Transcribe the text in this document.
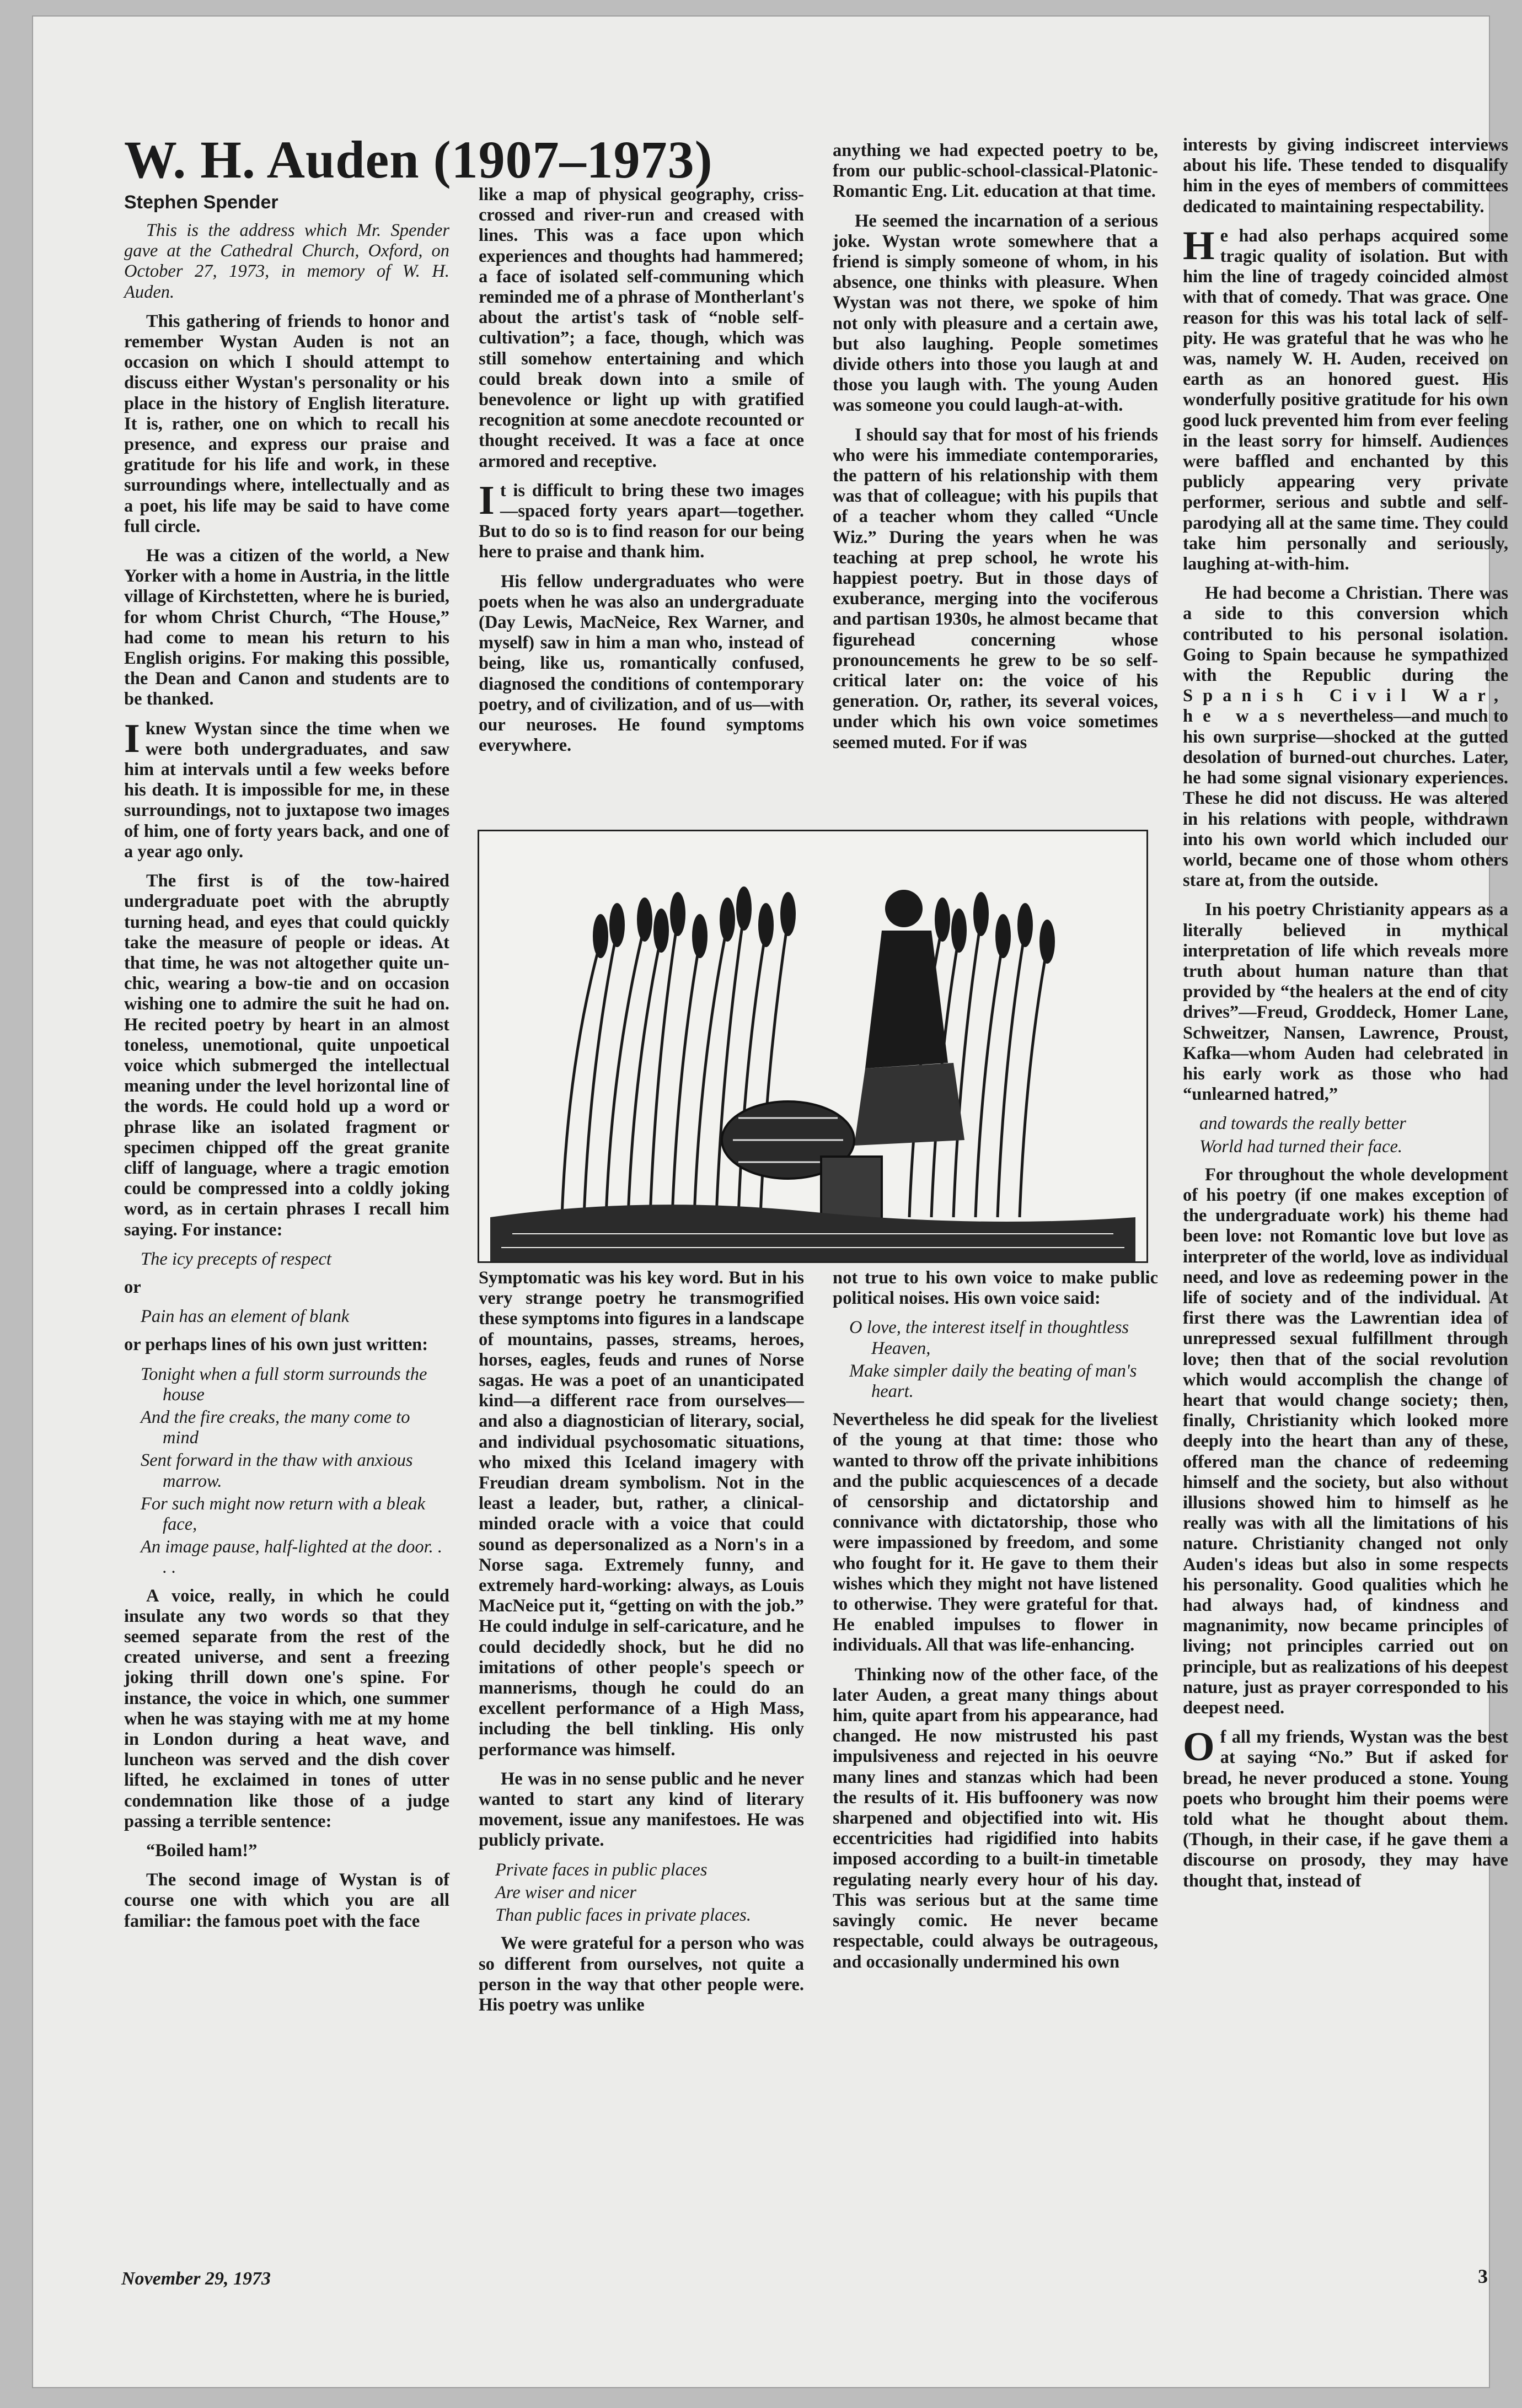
W. H. Auden (1907–1973)
Stephen Spender

This is the address which Mr. Spender gave at the Cathedral Church, Oxford, on October 27, 1973, in memory of W. H. Auden.

This gathering of friends to honor and remember Wystan Auden is not an occasion on which I should attempt to discuss either Wystan's personality or his place in the history of English literature. It is, rather, one on which to recall his presence, and express our praise and gratitude for his life and work, in these surroundings where, intellectually and as a poet, his life may be said to have come full circle.

He was a citizen of the world, a New Yorker with a home in Austria, in the little village of Kirchstetten, where he is buried, for whom Christ Church, “The House,” had come to mean his return to his English origins. For making this possible, the Dean and Canon and students are to be thanked.

Iknew Wystan since the time when we were both undergraduates, and saw him at intervals until a few weeks before his death. It is impossible for me, in these surroundings, not to juxtapose two images of him, one of forty years back, and one of a year ago only.

The first is of the tow-haired undergraduate poet with the abruptly turning head, and eyes that could quickly take the measure of people or ideas. At that time, he was not altogether quite un-chic, wearing a bow-tie and on occasion wishing one to admire the suit he had on. He recited poetry by heart in an almost toneless, unemotional, quite unpoetical voice which submerged the intellectual meaning under the level horizontal line of the words. He could hold up a word or phrase like an isolated fragment or specimen chipped off the great granite cliff of language, where a tragic emotion could be compressed into a coldly joking word, as in certain phrases I recall him saying. For instance:

The icy precepts of respect

or

Pain has an element of blank

or perhaps lines of his own just written:

Tonight when a full storm surrounds the house
And the fire creaks, the many come to mind
Sent forward in the thaw with anxious marrow.
For such might now return with a bleak face,
An image pause, half-lighted at the door. . . .

A voice, really, in which he could insulate any two words so that they seemed separate from the rest of the created universe, and sent a freezing joking thrill down one's spine. For instance, the voice in which, one summer when he was staying with me at my home in London during a heat wave, and luncheon was served and the dish cover lifted, he exclaimed in tones of utter condemnation like those of a judge passing a terrible sentence:

“Boiled ham!”

The second image of Wystan is of course one with which you are all familiar: the famous poet with the face

like a map of physical geography, criss-crossed and river-run and creased with lines. This was a face upon which experiences and thoughts had hammered; a face of isolated self-communing which reminded me of a phrase of Montherlant's about the artist's task of “noble self-cultivation”; a face, though, which was still somehow entertaining and which could break down into a smile of benevolence or light up with gratified recognition at some anecdote recounted or thought received. It was a face at once armored and receptive.

It is difficult to bring these two images—spaced forty years apart—together. But to do so is to find reason for our being here to praise and thank him.

His fellow undergraduates who were poets when he was also an undergraduate (Day Lewis, MacNeice, Rex Warner, and myself) saw in him a man who, instead of being, like us, romantically confused, diagnosed the conditions of contemporary poetry, and of civilization, and of us—with our neuroses. He found symptoms everywhere.

anything we had expected poetry to be, from our public-school-classical-Platonic-Romantic Eng. Lit. education at that time.

He seemed the incarnation of a serious joke. Wystan wrote somewhere that a friend is simply someone of whom, in his absence, one thinks with pleasure. When Wystan was not there, we spoke of him not only with pleasure and a certain awe, but also laughing. People sometimes divide others into those you laugh at and those you laugh with. The young Auden was someone you could laugh-at-with.

I should say that for most of his friends who were his immediate contemporaries, the pattern of his relationship with them was that of colleague; with his pupils that of a teacher whom they called “Uncle Wiz.” During the years when he was teaching at prep school, he wrote his happiest poetry. But in those days of exuberance, merging into the vociferous and partisan 1930s, he almost became that figurehead concerning whose pronouncements he grew to be so self-critical later on: the voice of his generation. Or, rather, its several voices, under which his own voice sometimes seemed muted. For if was

interests by giving indiscreet interviews about his life. These tended to disqualify him in the eyes of members of committees dedicated to maintaining respectability.

He had also perhaps acquired some tragic quality of isolation. But with him the line of tragedy coincided almost with that of comedy. That was grace. One reason for this was his total lack of self-pity. He was grateful that he was who he was, namely W. H. Auden, received on earth as an honored guest. His wonderfully positive gratitude for his own good luck prevented him from ever feeling in the least sorry for himself. Audiences were baffled and enchanted by this publicly appearing very private performer, serious and subtle and self-parodying all at the same time. They could take him personally and seriously, laughing at-with-him.

He had become a Christian. There was a side to this conversion which contributed to his personal isolation. Going to Spain because he sympathized with the Republic during the Spanish Civil War, he was nevertheless—and much to his own surprise—shocked at the gutted desolation of burned-out churches. Later, he had some signal visionary experiences. These he did not discuss. He was altered in his relations with people, withdrawn into his own world which included our world, became one of those whom others stare at, from the outside.

In his poetry Christianity appears as a literally believed in mythical interpretation of life which reveals more truth about human nature than that provided by “the healers at the end of city drives”—Freud, Groddeck, Homer Lane, Schweitzer, Nansen, Lawrence, Proust, Kafka—whom Auden had celebrated in his early work as those who had “unlearned hatred,”

and towards the really better
World had turned their face.

For throughout the whole development of his poetry (if one makes exception of the undergraduate work) his theme had been love: not Romantic love but love as interpreter of the world, love as individual need, and love as redeeming power in the life of society and of the individual. At first there was the Lawrentian idea of unrepressed sexual fulfillment through love; then that of the social revolution which would accomplish the change of heart that would change society; then, finally, Christianity which looked more deeply into the heart than any of these, offered man the chance of redeeming himself and the society, but also without illusions showed him to himself as he really was with all the limitations of his nature. Christianity changed not only Auden's ideas but also in some respects his personality. Good qualities which he had always had, of kindness and magnanimity, now became principles of living; not principles carried out on principle, but as realizations of his deepest nature, just as prayer corresponded to his deepest need.

Of all my friends, Wystan was the best at saying “No.” But if asked for bread, he never produced a stone. Young poets who brought him their poems were told what he thought about them. (Though, in their case, if he gave them a discourse on prosody, they may have thought that, instead of

Symptomatic was his key word. But in his very strange poetry he transmogrified these symptoms into figures in a landscape of mountains, passes, streams, heroes, horses, eagles, feuds and runes of Norse sagas. He was a poet of an unanticipated kind—a different race from ourselves—and also a diagnostician of literary, social, and individual psychosomatic situations, who mixed this Iceland imagery with Freudian dream symbolism. Not in the least a leader, but, rather, a clinical-minded oracle with a voice that could sound as depersonalized as a Norn's in a Norse saga. Extremely funny, and extremely hard-working: always, as Louis MacNeice put it, “getting on with the job.” He could indulge in self-caricature, and he could decidedly shock, but he did no imitations of other people's speech or mannerisms, though he could do an excellent performance of a High Mass, including the bell tinkling. His only performance was himself.

He was in no sense public and he never wanted to start any kind of literary movement, issue any manifestoes. He was publicly private.

Private faces in public places
Are wiser and nicer
Than public faces in private places.

We were grateful for a person who was so different from ourselves, not quite a person in the way that other people were. His poetry was unlike

not true to his own voice to make public political noises. His own voice said:

O love, the interest itself in thoughtless Heaven,
Make simpler daily the beating of man's heart.

Nevertheless he did speak for the liveliest of the young at that time: those who wanted to throw off the private inhibitions and the public acquiescences of a decade of censorship and dictatorship and connivance with dictatorship, those who were impassioned by freedom, and some who fought for it. He gave to them their wishes which they might not have listened to otherwise. They were grateful for that. He enabled impulses to flower in individuals. All that was life-enhancing.

Thinking now of the other face, of the later Auden, a great many things about him, quite apart from his appearance, had changed. He now mistrusted his past impulsiveness and rejected in his oeuvre many lines and stanzas which had been the results of it. His buffoonery was now sharpened and objectified into wit. His eccentricities had rigidified into habits imposed according to a built-in timetable regulating nearly every hour of his day. This was serious but at the same time savingly comic. He never became respectable, could always be outrageous, and occasionally undermined his own

November 29, 1973	3
